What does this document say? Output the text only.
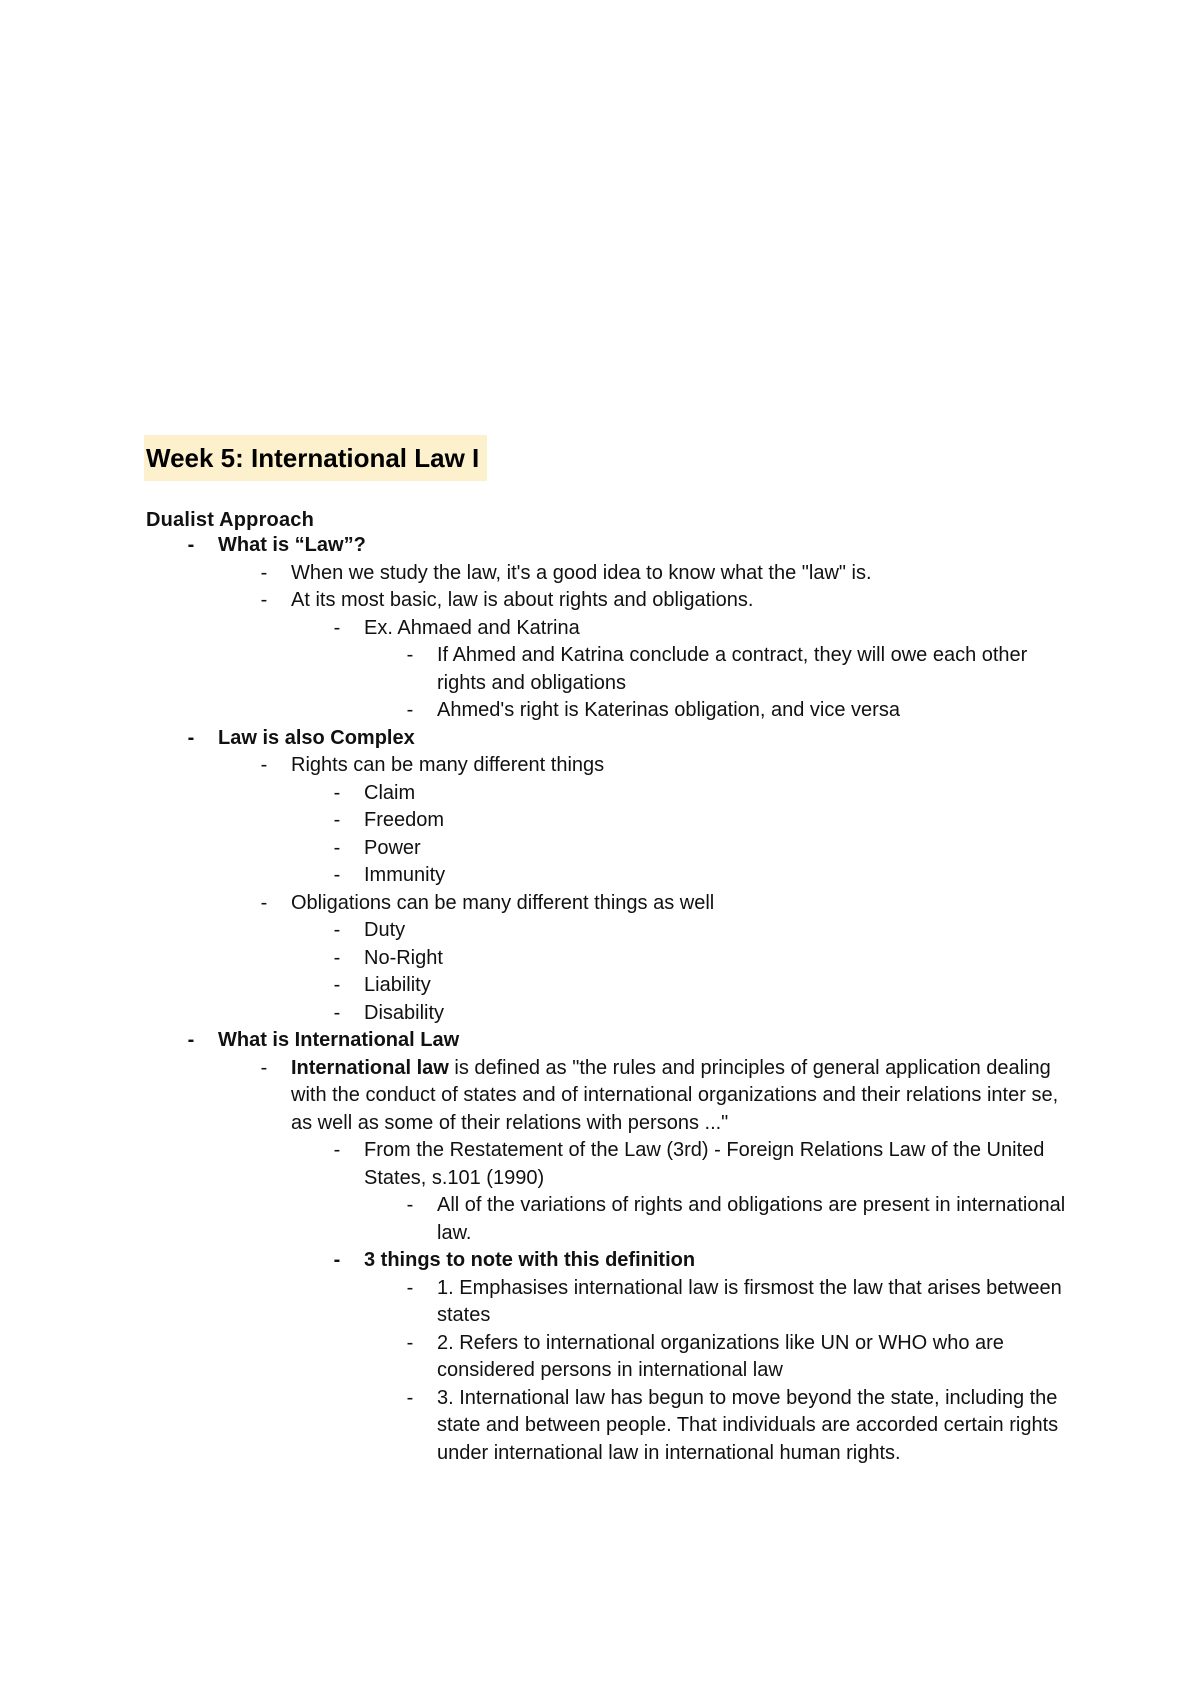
Week 5: International Law I
Dualist Approach
-	What is “Law”?
-	When we study the law, it's a good idea to know what the "law" is.
-	At its most basic, law is about rights and obligations.
-	Ex. Ahmaed and Katrina
-	If Ahmed and Katrina conclude a contract, they will owe each other rights and obligations
-	Ahmed's right is Katerinas obligation, and vice versa
-	Law is also Complex
-	Rights can be many different things
-	Claim
-	Freedom
-	Power
-	Immunity
-	Obligations can be many different things as well
-	Duty
-	No-Right
-	Liability
-	Disability
-	What is International Law
-	International law is defined as "the rules and principles of general application dealing with the conduct of states and of international organizations and their relations inter se, as well as some of their relations with persons ..."
-	From the Restatement of the Law (3rd) - Foreign Relations Law of the United States, s.101 (1990)
-	All of the variations of rights and obligations are present in international law.
-	3 things to note with this definition
-	1. Emphasises international law is firsmost the law that arises between states
-	2. Refers to international organizations like UN or WHO who are considered persons in international law
-	3. International law has begun to move beyond the state, including the state and between people. That individuals are accorded certain rights under international law in international human rights.
